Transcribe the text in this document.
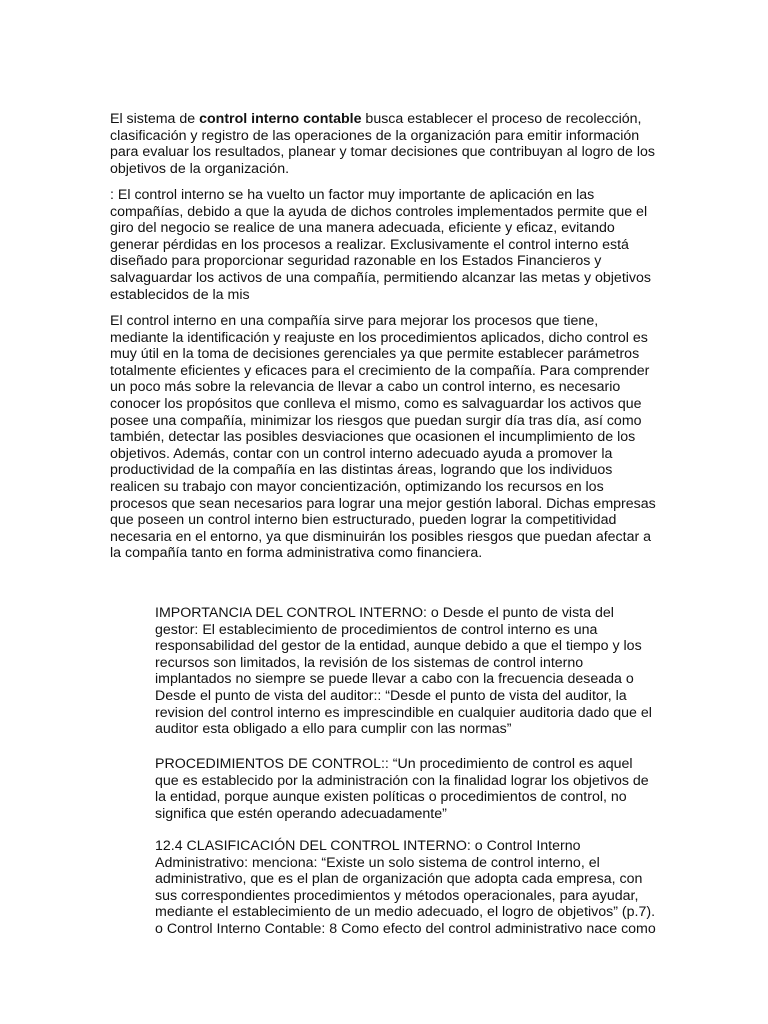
El sistema de control interno contable busca establecer el proceso de recolección,
clasificación y registro de las operaciones de la organización para emitir información
para evaluar los resultados, planear y tomar decisiones que contribuyan al logro de los
objetivos de la organización.

: El control interno se ha vuelto un factor muy importante de aplicación en las
compañías, debido a que la ayuda de dichos controles implementados permite que el
giro del negocio se realice de una manera adecuada, eficiente y eficaz, evitando
generar pérdidas en los procesos a realizar. Exclusivamente el control interno está
diseñado para proporcionar seguridad razonable en los Estados Financieros y
salvaguardar los activos de una compañía, permitiendo alcanzar las metas y objetivos
establecidos de la mis

El control interno en una compañía sirve para mejorar los procesos que tiene,
mediante la identificación y reajuste en los procedimientos aplicados, dicho control es
muy útil en la toma de decisiones gerenciales ya que permite establecer parámetros
totalmente eficientes y eficaces para el crecimiento de la compañía. Para comprender
un poco más sobre la relevancia de llevar a cabo un control interno, es necesario
conocer los propósitos que conlleva el mismo, como es salvaguardar los activos que
posee una compañía, minimizar los riesgos que puedan surgir día tras día, así como
también, detectar las posibles desviaciones que ocasionen el incumplimiento de los
objetivos. Además, contar con un control interno adecuado ayuda a promover la
productividad de la compañía en las distintas áreas, logrando que los individuos
realicen su trabajo con mayor concientización, optimizando los recursos en los
procesos que sean necesarios para lograr una mejor gestión laboral. Dichas empresas
que poseen un control interno bien estructurado, pueden lograr la competitividad
necesaria en el entorno, ya que disminuirán los posibles riesgos que puedan afectar a
la compañía tanto en forma administrativa como financiera.

IMPORTANCIA DEL CONTROL INTERNO: o Desde el punto de vista del
gestor: El establecimiento de procedimientos de control interno es una
responsabilidad del gestor de la entidad, aunque debido a que el tiempo y los
recursos son limitados, la revisión de los sistemas de control interno
implantados no siempre se puede llevar a cabo con la frecuencia deseada o
Desde el punto de vista del auditor:: “Desde el punto de vista del auditor, la
revision del control interno es imprescindible en cualquier auditoria dado que el
auditor esta obligado a ello para cumplir con las normas”

PROCEDIMIENTOS DE CONTROL:: “Un procedimiento de control es aquel
que es establecido por la administración con la finalidad lograr los objetivos de
la entidad, porque aunque existen políticas o procedimientos de control, no
significa que estén operando adecuadamente”

12.4 CLASIFICACIÓN DEL CONTROL INTERNO: o Control Interno
Administrativo: menciona: “Existe un solo sistema de control interno, el
administrativo, que es el plan de organización que adopta cada empresa, con
sus correspondientes procedimientos y métodos operacionales, para ayudar,
mediante el establecimiento de un medio adecuado, el logro de objetivos” (p.7).
o Control Interno Contable: 8 Como efecto del control administrativo nace como
